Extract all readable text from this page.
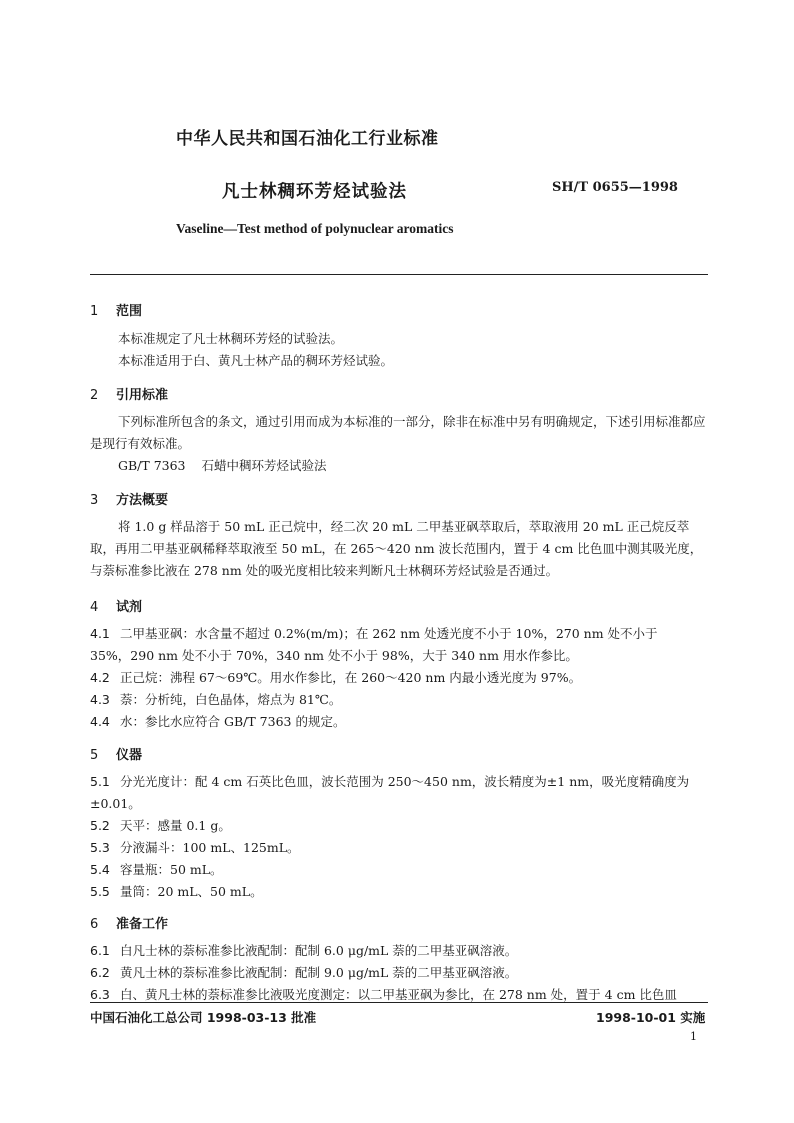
中华人民共和国石油化工行业标准
凡士林稠环芳烃试验法	SH/T 0655—1998
Vaseline—Test method of polynuclear aromatics
1 范围
本标准规定了凡士林稠环芳烃的试验法。
本标准适用于白、黄凡士林产品的稠环芳烃试验。
2 引用标准
下列标准所包含的条文，通过引用而成为本标准的一部分，除非在标准中另有明确规定，下述引用标准都应是现行有效标准。
GB/T 7363 石蜡中稠环芳烃试验法
3 方法概要
将 1.0 g 样品溶于 50 mL 正己烷中，经二次 20 mL 二甲基亚砜萃取后，萃取液用 20 mL 正己烷反萃取，再用二甲基亚砜稀释萃取液至 50 mL，在 265～420 nm 波长范围内，置于 4 cm 比色皿中测其吸光度，与萘标准参比液在 278 nm 处的吸光度相比较来判断凡士林稠环芳烃试验是否通过。
4 试剂
4.1 二甲基亚砜：水含量不超过 0.2%(m/m)；在 262 nm 处透光度不小于 10%，270 nm 处不小于
35%，290 nm 处不小于 70%，340 nm 处不小于 98%，大于 340 nm 用水作参比。
4.2 正己烷：沸程 67～69℃。用水作参比，在 260～420 nm 内最小透光度为 97%。
4.3 萘：分析纯，白色晶体，熔点为 81℃。
4.4 水：参比水应符合 GB/T 7363 的规定。
5 仪器
5.1 分光光度计：配 4 cm 石英比色皿，波长范围为 250～450 nm，波长精度为±1 nm，吸光度精确度为
±0.01。
5.2 天平：感量 0.1 g。
5.3 分液漏斗：100 mL、125mL。
5.4 容量瓶：50 mL。
5.5 量筒：20 mL、50 mL。
6 准备工作
6.1 白凡士林的萘标准参比液配制：配制 6.0 μg/mL 萘的二甲基亚砜溶液。
6.2 黄凡士林的萘标准参比液配制：配制 9.0 μg/mL 萘的二甲基亚砜溶液。
6.3 白、黄凡士林的萘标准参比液吸光度测定：以二甲基亚砜为参比，在 278 nm 处，置于 4 cm 比色皿
中国石油化工总公司 1998-03-13 批准	1998-10-01 实施
1
